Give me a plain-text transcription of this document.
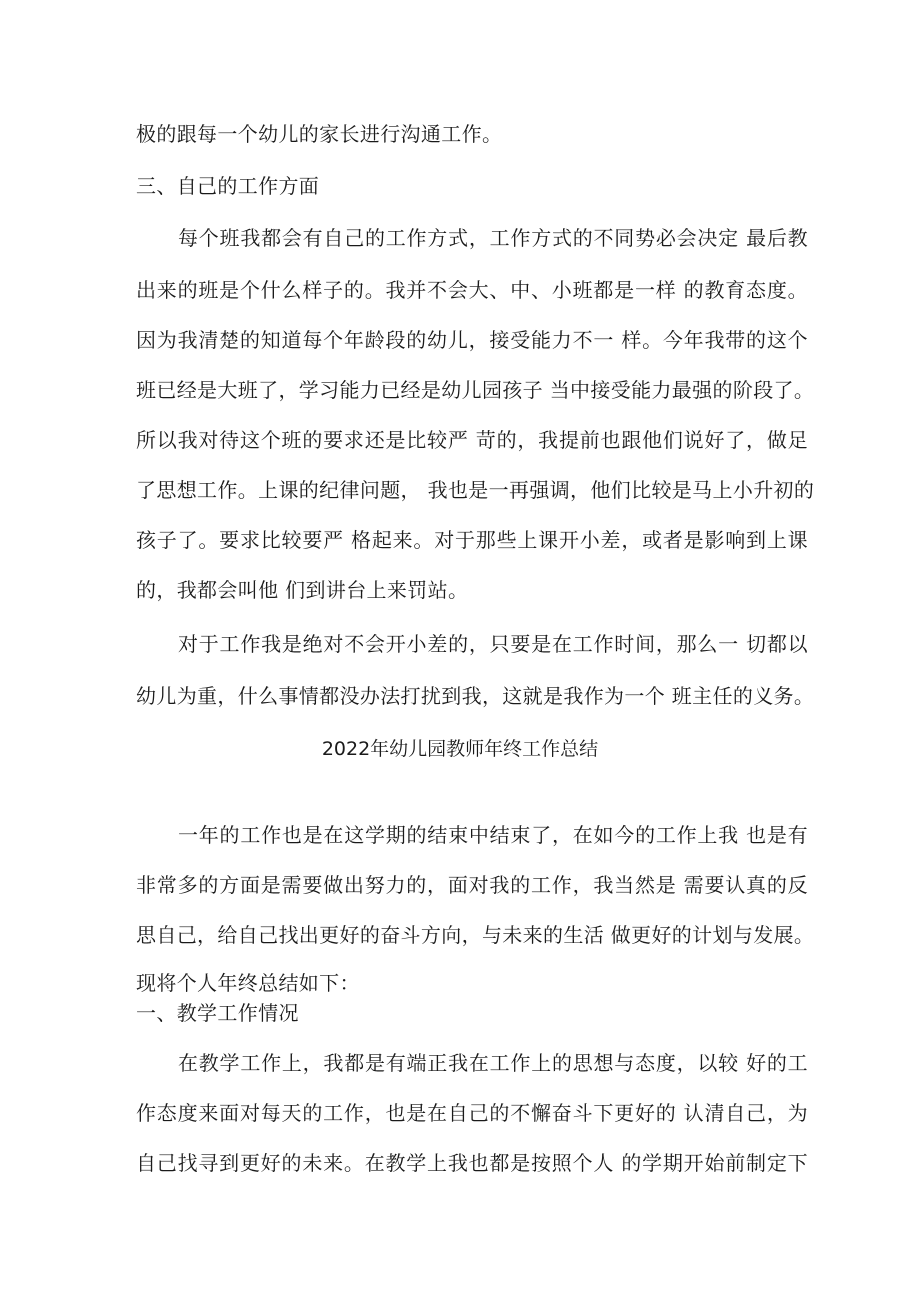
极的跟每一个幼儿的家长进行沟通工作。
三、自己的工作方面
每个班我都会有自己的工作方式，工作方式的不同势必会决定 最后教
出来的班是个什么样子的。我并不会大、中、小班都是一样 的教育态度。
因为我清楚的知道每个年龄段的幼儿，接受能力不一 样。今年我带的这个
班已经是大班了，学习能力已经是幼儿园孩子 当中接受能力最强的阶段了。
所以我对待这个班的要求还是比较严 苛的，我提前也跟他们说好了，做足
了思想工作。上课的纪律问题， 我也是一再强调，他们比较是马上小升初的
孩子了。要求比较要严 格起来。对于那些上课开小差，或者是影响到上课
的，我都会叫他 们到讲台上来罚站。
对于工作我是绝对不会开小差的，只要是在工作时间，那么一 切都以
幼儿为重，什么事情都没办法打扰到我，这就是我作为一个 班主任的义务。
2022年幼儿园教师年终工作总结
一年的工作也是在这学期的结束中结束了，在如今的工作上我 也是有
非常多的方面是需要做出努力的，面对我的工作，我当然是 需要认真的反
思自己，给自己找出更好的奋斗方向，与未来的生活 做更好的计划与发展。
现将个人年终总结如下：
一、教学工作情况
在教学工作上，我都是有端正我在工作上的思想与态度，以较 好的工
作态度来面对每天的工作，也是在自己的不懈奋斗下更好的 认清自己，为
自己找寻到更好的未来。在教学上我也都是按照个人 的学期开始前制定下
